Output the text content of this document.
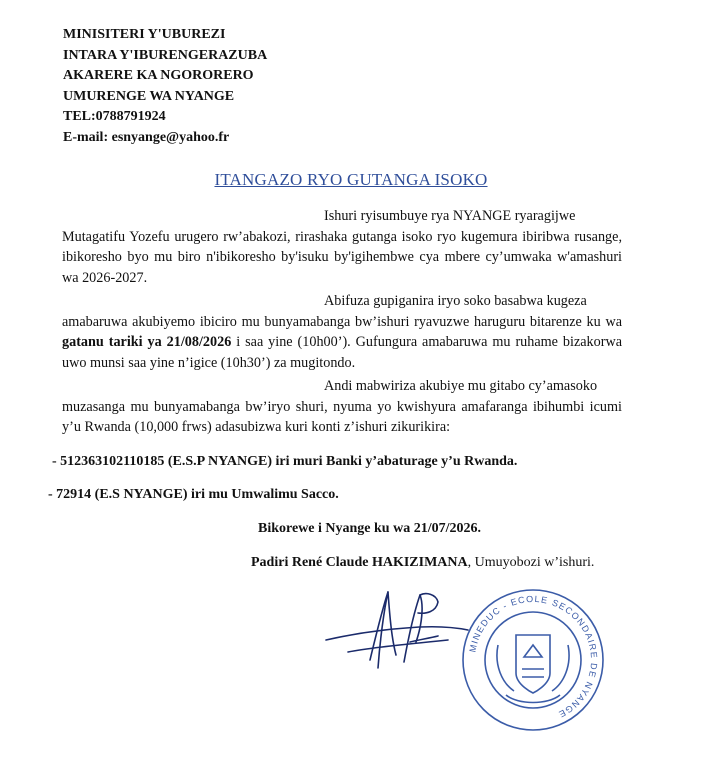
MINISITERI Y'UBUREZI
INTARA Y'IBURENGERAZUBA
AKARERE KA NGORORERO
UMURENGE WA NYANGE
TEL:0788791924
E-mail: esnyange@yahoo.fr
ITANGAZO RYO GUTANGA ISOKO
Ishuri ryisumbuye rya NYANGE ryaragijwe
Mutagatifu Yozefu urugero rw’abakozi, rirashaka gutanga isoko ryo kugemura ibiribwa rusange, ibikoresho byo mu biro n'ibikoresho by'isuku by'igihembwe cya mbere cy’umwaka w'amashuri wa 2026-2027.
Abifuza gupiganira iryo soko basabwa kugeza
amabaruwa akubiyemo ibiciro mu bunyamabanga bw’ishuri ryavuzwe haruguru bitarenze ku wa gatanu tariki ya 21/08/2026 i saa yine (10h00’). Gufungura amabaruwa mu ruhame bizakorwa uwo munsi saa yine n’igice (10h30’) za mugitondo.
Andi mabwiriza akubiye mu gitabo cy’amasoko
muzasanga mu bunyamabanga bw’iryo shuri, nyuma yo kwishyura amafaranga ibihumbi icumi y’u Rwanda (10,000 frws) adasubizwa kuri konti z’ishuri zikurikira:
- 512363102110185 (E.S.P NYANGE) iri muri Banki y’abaturage y’u Rwanda.
- 72914 (E.S NYANGE) iri mu Umwalimu Sacco.
Bikorewe i Nyange ku wa 21/07/2026.
Padiri René Claude HAKIZIMANA, Umuyobozi w’ishuri.
MINEDUC - ECOLE SECONDAIRE DE NYANGE
